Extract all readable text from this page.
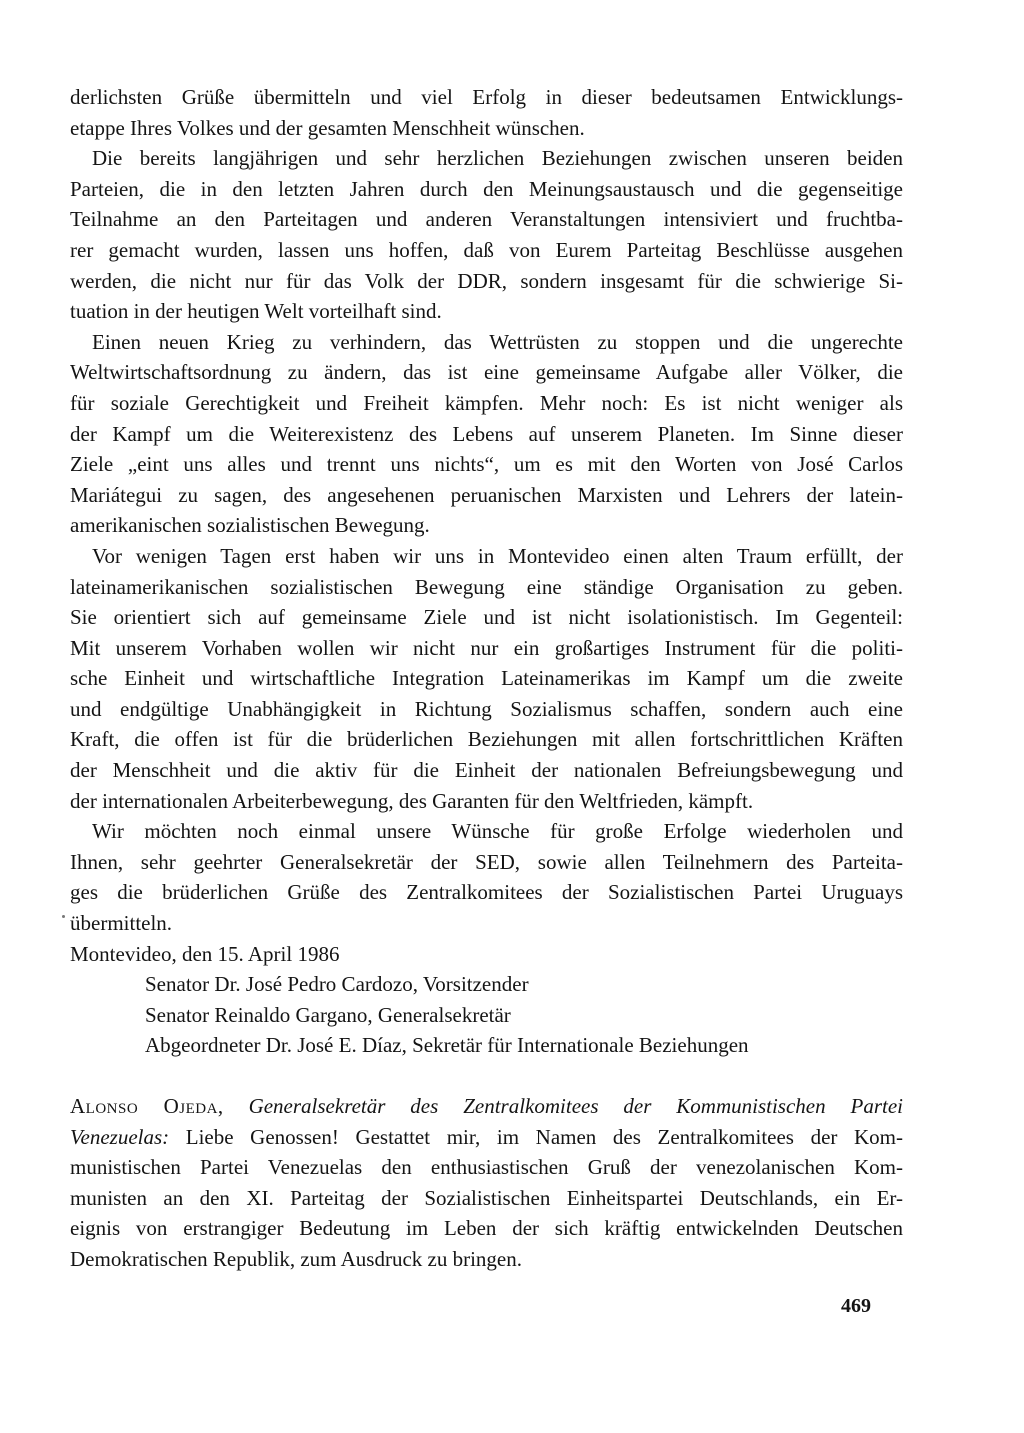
derlichsten Grüße übermitteln und viel Erfolg in dieser bedeutsamen Entwicklungs-
etappe Ihres Volkes und der gesamten Menschheit wünschen.
Die bereits langjährigen und sehr herzlichen Beziehungen zwischen unseren beiden
Parteien, die in den letzten Jahren durch den Meinungsaustausch und die gegenseitige
Teilnahme an den Parteitagen und anderen Veranstaltungen intensiviert und fruchtba-
rer gemacht wurden, lassen uns hoffen, daß von Eurem Parteitag Beschlüsse ausgehen
werden, die nicht nur für das Volk der DDR, sondern insgesamt für die schwierige Si-
tuation in der heutigen Welt vorteilhaft sind.
Einen neuen Krieg zu verhindern, das Wettrüsten zu stoppen und die ungerechte
Weltwirtschaftsordnung zu ändern, das ist eine gemeinsame Aufgabe aller Völker, die
für soziale Gerechtigkeit und Freiheit kämpfen. Mehr noch: Es ist nicht weniger als
der Kampf um die Weiterexistenz des Lebens auf unserem Planeten. Im Sinne dieser
Ziele „eint uns alles und trennt uns nichts“, um es mit den Worten von José Carlos
Mariátegui zu sagen, des angesehenen peruanischen Marxisten und Lehrers der latein-
amerikanischen sozialistischen Bewegung.
Vor wenigen Tagen erst haben wir uns in Montevideo einen alten Traum erfüllt, der
lateinamerikanischen sozialistischen Bewegung eine ständige Organisation zu geben.
Sie orientiert sich auf gemeinsame Ziele und ist nicht isolationistisch. Im Gegenteil:
Mit unserem Vorhaben wollen wir nicht nur ein großartiges Instrument für die politi-
sche Einheit und wirtschaftliche Integration Lateinamerikas im Kampf um die zweite
und endgültige Unabhängigkeit in Richtung Sozialismus schaffen, sondern auch eine
Kraft, die offen ist für die brüderlichen Beziehungen mit allen fortschrittlichen Kräften
der Menschheit und die aktiv für die Einheit der nationalen Befreiungsbewegung und
der internationalen Arbeiterbewegung, des Garanten für den Weltfrieden, kämpft.
Wir möchten noch einmal unsere Wünsche für große Erfolge wiederholen und
Ihnen, sehr geehrter Generalsekretär der SED, sowie allen Teilnehmern des Parteita-
ges die brüderlichen Grüße des Zentralkomitees der Sozialistischen Partei Uruguays
übermitteln.
Montevideo, den 15. April 1986
Senator Dr. José Pedro Cardozo, Vorsitzender
Senator Reinaldo Gargano, Generalsekretär
Abgeordneter Dr. José E. Díaz, Sekretär für Internationale Beziehungen
Alonso Ojeda, Generalsekretär des Zentralkomitees der Kommunistischen Partei
Venezuelas: Liebe Genossen! Gestattet mir, im Namen des Zentralkomitees der Kom-
munistischen Partei Venezuelas den enthusiastischen Gruß der venezolanischen Kom-
munisten an den XI. Parteitag der Sozialistischen Einheitspartei Deutschlands, ein Er-
eignis von erstrangiger Bedeutung im Leben der sich kräftig entwickelnden Deutschen
Demokratischen Republik, zum Ausdruck zu bringen.
469
